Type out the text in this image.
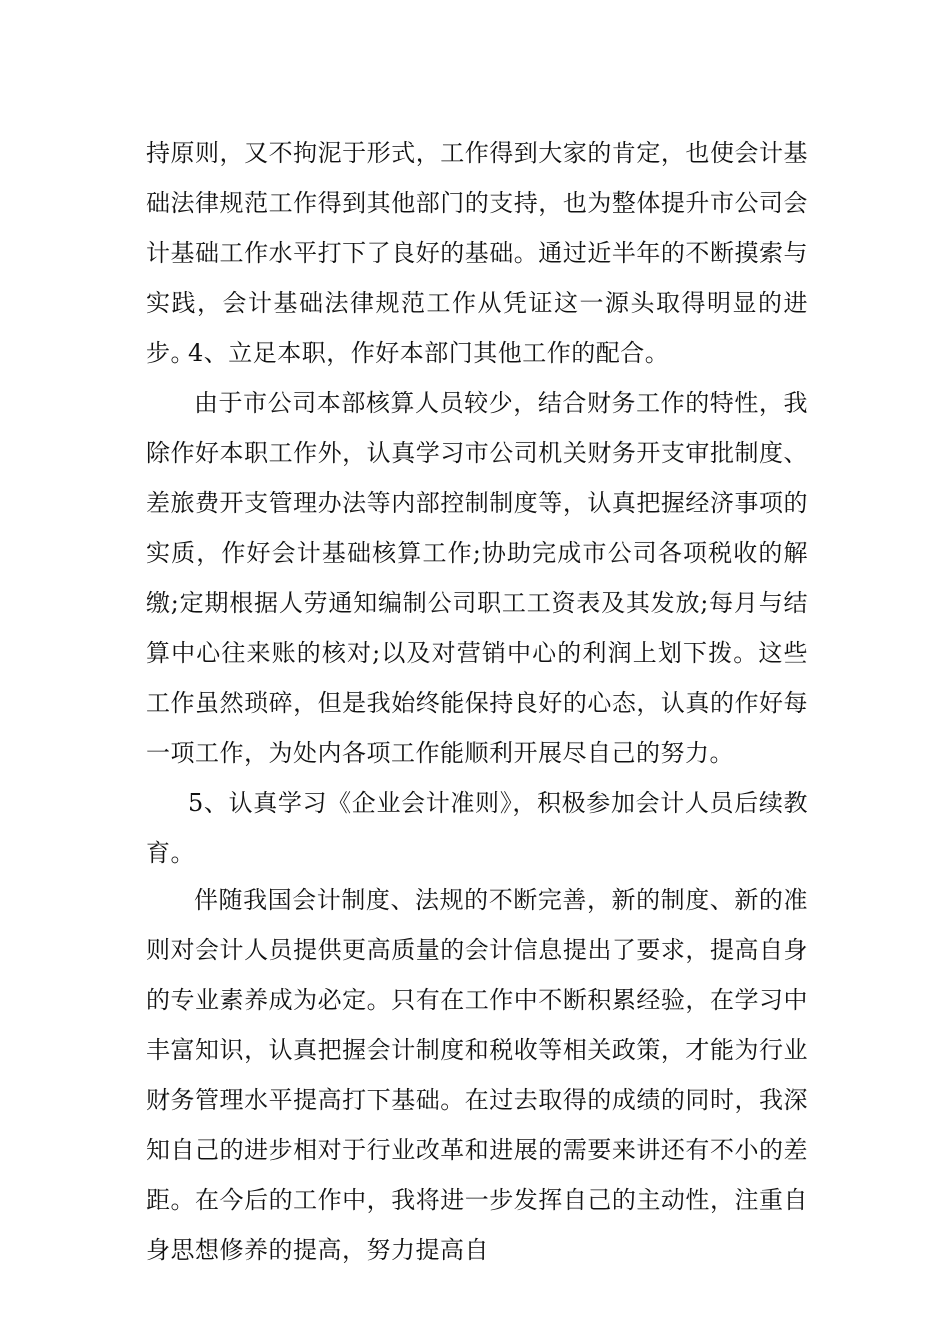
持原则，又不拘泥于形式，工作得到大家的肯定，也使会计基础法律规范工作得到其他部门的支持，也为整体提升市公司会计基础工作水平打下了良好的基础。通过近半年的不断摸索与实践，会计基础法律规范工作从凭证这一源头取得明显的进步。

4、立足本职，作好本部门其他工作的配合。

由于市公司本部核算人员较少，结合财务工作的特性，我除作好本职工作外，认真学习市公司机关财务开支审批制度、差旅费开支管理办法等内部控制制度等，认真把握经济事项的实质，作好会计基础核算工作;协助完成市公司各项税收的解缴;定期根据人劳通知编制公司职工工资表及其发放;每月与结算中心往来账的核对;以及对营销中心的利润上划下拨。这些工作虽然琐碎，但是我始终能保持良好的心态，认真的作好每一项工作，为处内各项工作能顺利开展尽自己的努力。

5、认真学习《企业会计准则》，积极参加会计人员后续教育。

伴随我国会计制度、法规的不断完善，新的制度、新的准则对会计人员提供更高质量的会计信息提出了要求，提高自身的专业素养成为必定。只有在工作中不断积累经验，在学习中丰富知识，认真把握会计制度和税收等相关政策，才能为行业财务管理水平提高打下基础。在过去取得的成绩的同时，我深知自己的进步相对于行业改革和进展的需要来讲还有不小的差距。在今后的工作中，我将进一步发挥自己的主动性，注重自身思想修养的提高，努力提高自
